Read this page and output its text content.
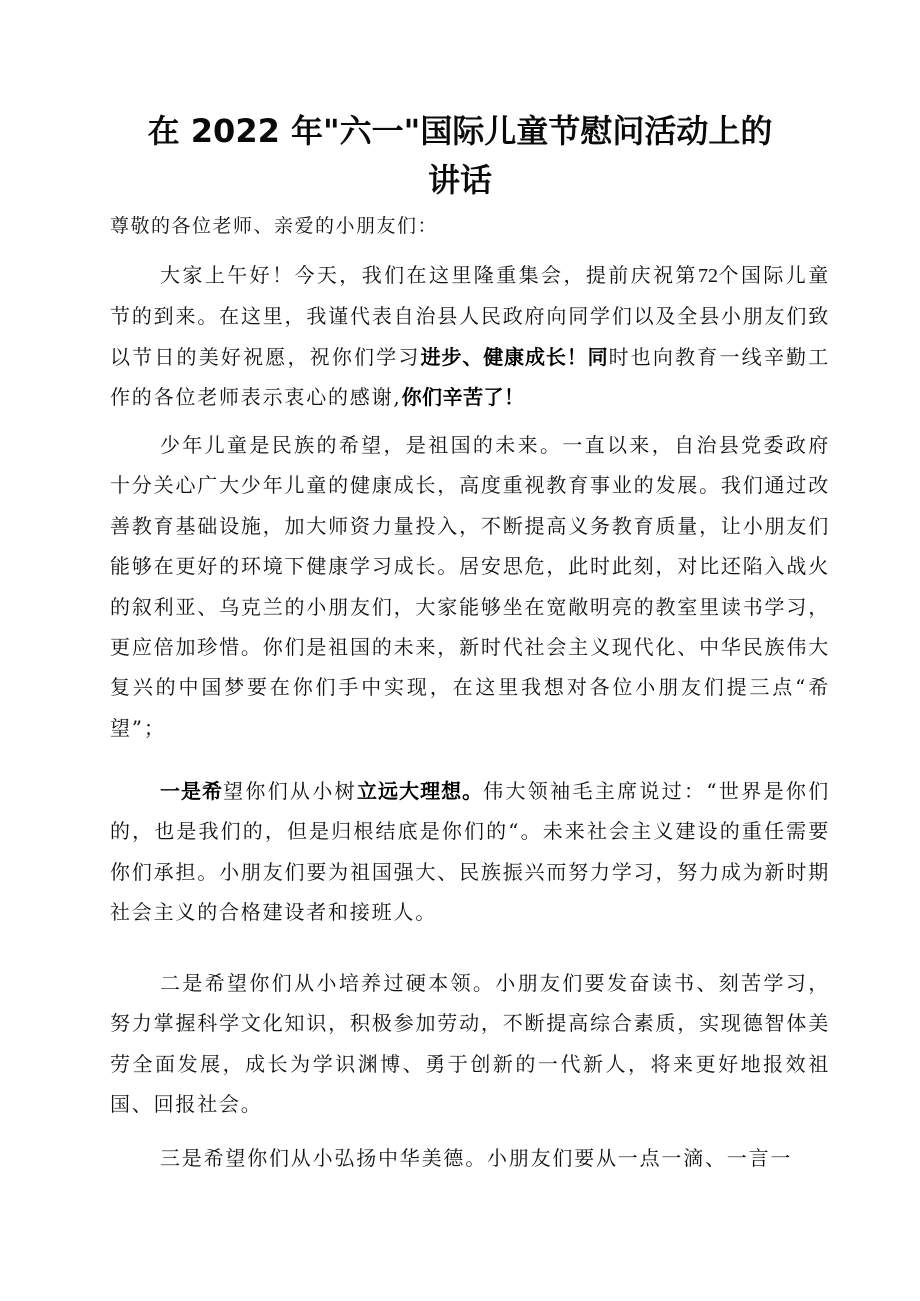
在 2022 年"六一"国际儿童节慰问活动上的
讲话

尊敬的各位老师、亲爱的小朋友们：

大家上午好！今天，我们在这里隆重集会，提前庆祝第72个国际儿童节的到来。在这里，我谨代表自治县人民政府向同学们以及全县小朋友们致以节日的美好祝愿，祝你们学习进步、健康成长！同时也向教育一线辛勤工作的各位老师表示衷心的感谢,你们辛苦了！

少年儿童是民族的希望，是祖国的未来。一直以来，自治县党委政府十分关心广大少年儿童的健康成长，高度重视教育事业的发展。我们通过改善教育基础设施，加大师资力量投入，不断提高义务教育质量，让小朋友们能够在更好的环境下健康学习成长。居安思危，此时此刻，对比还陷入战火的叙利亚、乌克兰的小朋友们，大家能够坐在宽敞明亮的教室里读书学习，更应倍加珍惜。你们是祖国的未来，新时代社会主义现代化、中华民族伟大复兴的中国梦要在你们手中实现，在这里我想对各位小朋友们提三点“希望”；

一是希望你们从小树立远大理想。伟大领袖毛主席说过：“世界是你们的，也是我们的，但是归根结底是你们的“。未来社会主义建设的重任需要你们承担。小朋友们要为祖国强大、民族振兴而努力学习，努力成为新时期社会主义的合格建设者和接班人。

二是希望你们从小培养过硬本领。小朋友们要发奋读书、刻苦学习，努力掌握科学文化知识，积极参加劳动，不断提高综合素质，实现德智体美劳全面发展，成长为学识渊博、勇于创新的一代新人，将来更好地报效祖国、回报社会。

三是希望你们从小弘扬中华美德。小朋友们要从一点一滴、一言一
